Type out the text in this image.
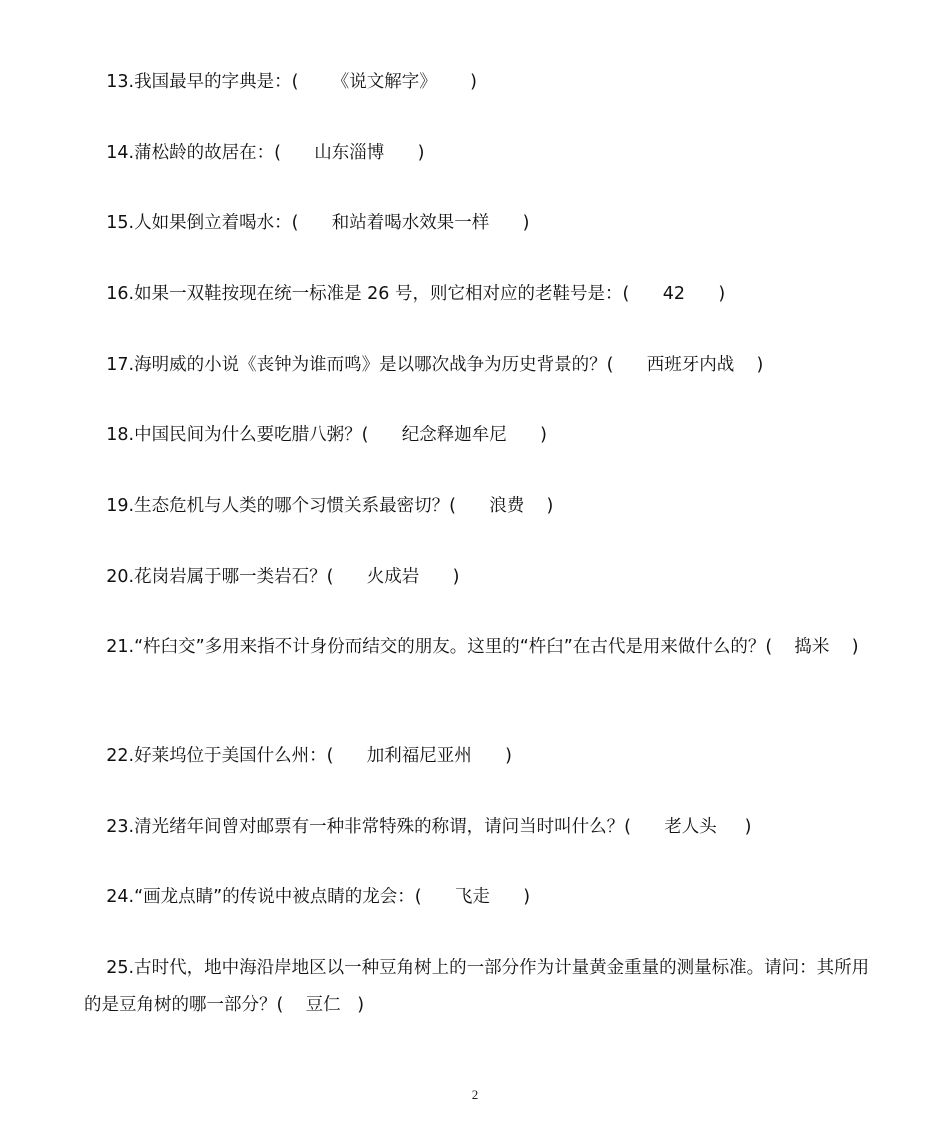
13.我国最早的字典是：(      《说文解字》      )
14.蒲松龄的故居在：(      山东淄博      )
15.人如果倒立着喝水：(      和站着喝水效果一样      )
16.如果一双鞋按现在统一标准是 26 号，则它相对应的老鞋号是：(      42      )
17.海明威的小说《丧钟为谁而鸣》是以哪次战争为历史背景的？(      西班牙内战    )
18.中国民间为什么要吃腊八粥？(      纪念释迦牟尼      )
19.生态危机与人类的哪个习惯关系最密切？(      浪费    )
20.花岗岩属于哪一类岩石？(      火成岩      )
21.“杵臼交”多用来指不计身份而结交的朋友。这里的“杵臼”在古代是用来做什么的？(    捣米    )
22.好莱坞位于美国什么州：(      加利福尼亚州      )
23.清光绪年间曾对邮票有一种非常特殊的称谓，请问当时叫什么？(      老人头     )
24.“画龙点睛”的传说中被点睛的龙会：(      飞走      )
25.古时代，地中海沿岸地区以一种豆角树上的一部分作为计量黄金重量的测量标准。请问：其所用的是豆角树的哪一部分？(    豆仁   )
2
